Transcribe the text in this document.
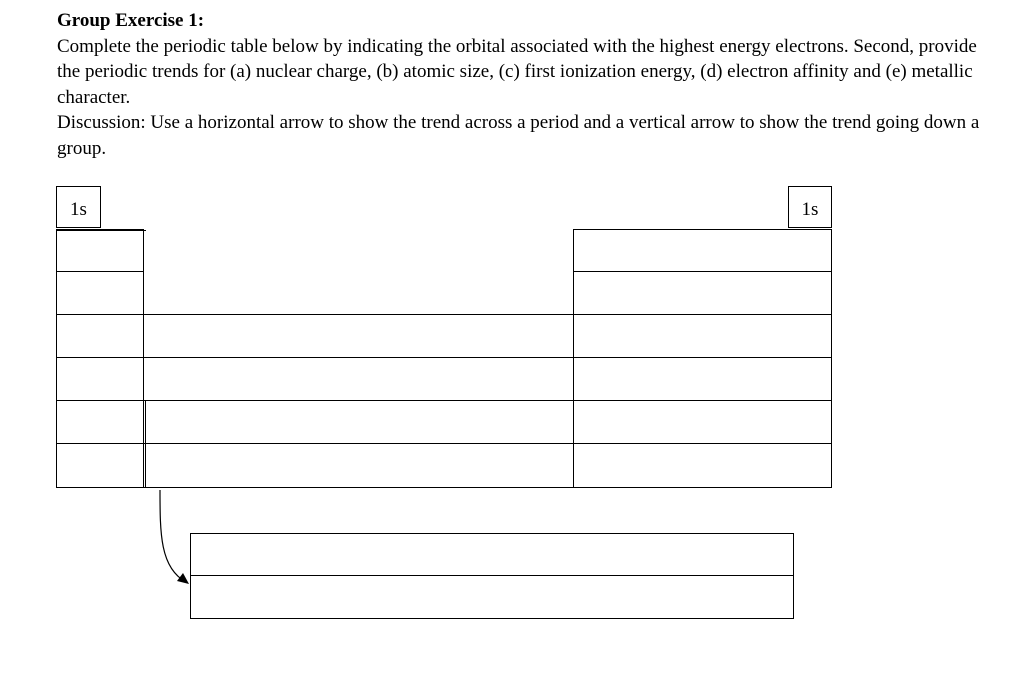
Group Exercise 1:

Complete the periodic table below by indicating the orbital associated with the highest energy electrons. Second, provide the periodic trends for (a) nuclear charge, (b) atomic size, (c) first ionization energy, (d) electron affinity and (e) metallic character.

Discussion: Use a horizontal arrow to show the trend across a period and a vertical arrow to show the trend going down a group.

1s	1s
